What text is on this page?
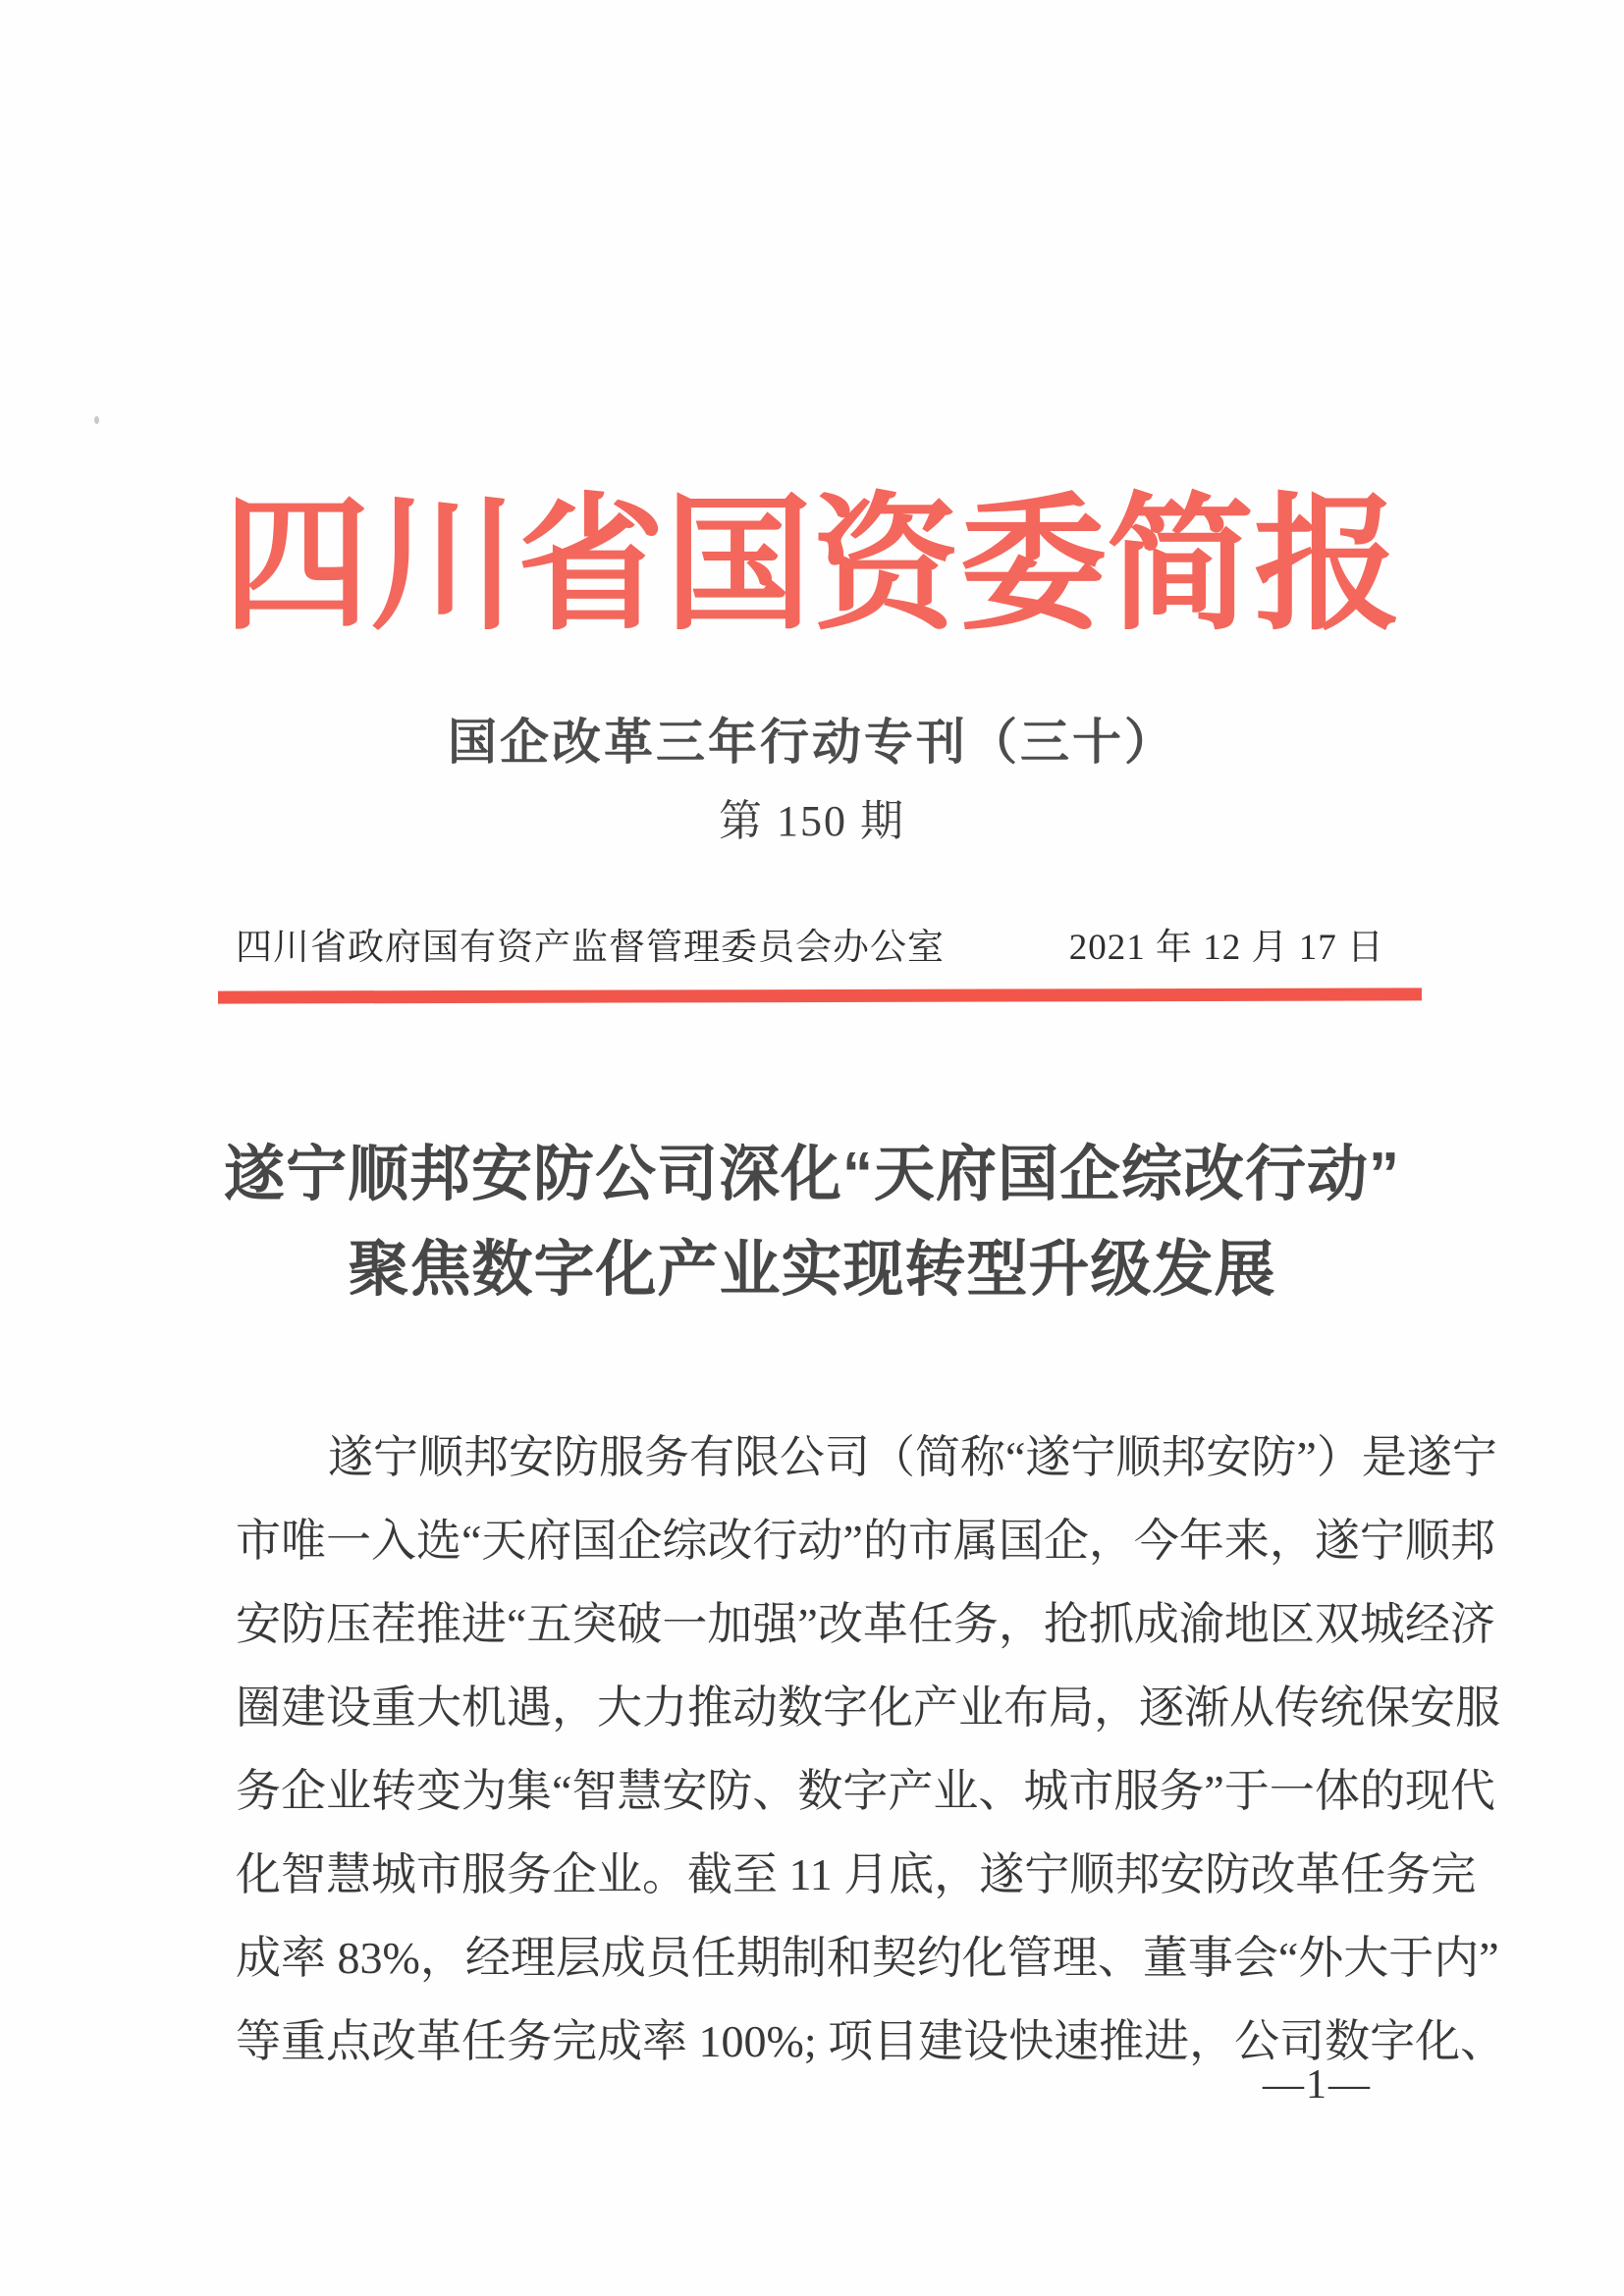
四川省国资委简报
国企改革三年行动专刊（三十）
第 150 期
四川省政府国有资产监督管理委员会办公室	2021 年 12 月 17 日
遂宁顺邦安防公司深化“天府国企综改行动”
聚焦数字化产业实现转型升级发展
遂宁顺邦安防服务有限公司（简称“遂宁顺邦安防”）是遂宁
市唯一入选“天府国企综改行动”的市属国企，今年来，遂宁顺邦
安防压茬推进“五突破一加强”改革任务，抢抓成渝地区双城经济
圈建设重大机遇，大力推动数字化产业布局，逐渐从传统保安服
务企业转变为集“智慧安防、数字产业、城市服务”于一体的现代
化智慧城市服务企业。截至 11 月底，遂宁顺邦安防改革任务完
成率 83%，经理层成员任期制和契约化管理、董事会“外大于内”
等重点改革任务完成率 100%; 项目建设快速推进，公司数字化、
—1—
